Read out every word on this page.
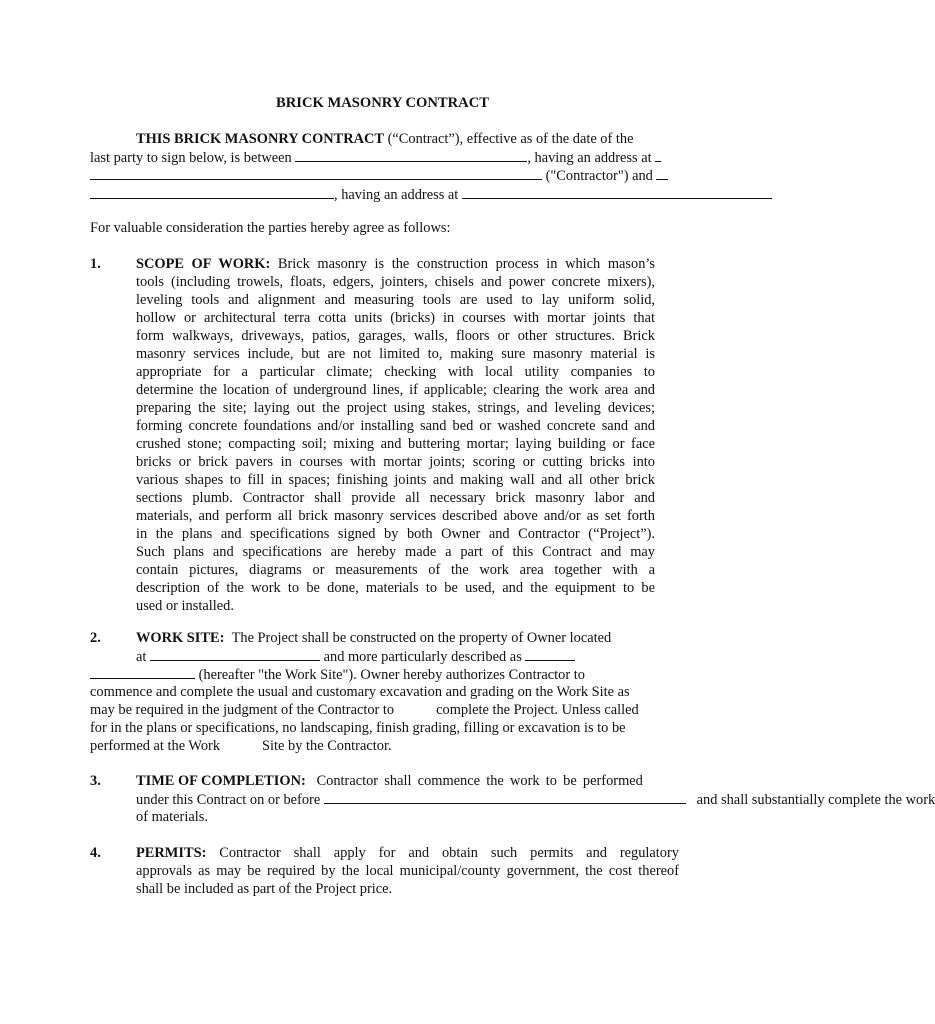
BRICK MASONRY CONTRACT
THIS BRICK MASONRY CONTRACT (“Contract”), effective as of the date of the
last party to sign below, is between	, having an address at
("Contractor") and
, having an address at
For valuable consideration the parties hereby agree as follows:
1. SCOPE OF WORK: Brick masonry is the construction process in which mason’s
tools (including trowels, floats, edgers, jointers, chisels and power concrete mixers),
leveling tools and alignment and measuring tools are used to lay uniform solid,
hollow or architectural terra cotta units (bricks) in courses with mortar joints that
form walkways, driveways, patios, garages, walls, floors or other structures. Brick
masonry services include, but are not limited to, making sure masonry material is
appropriate for a particular climate; checking with local utility companies to
determine the location of underground lines, if applicable; clearing the work area and
preparing the site; laying out the project using stakes, strings, and leveling devices;
forming concrete foundations and/or installing sand bed or washed concrete sand and
crushed stone; compacting soil; mixing and buttering mortar; laying building or face
bricks or brick pavers in courses with mortar joints; scoring or cutting bricks into
various shapes to fill in spaces; finishing joints and making wall and all other brick
sections plumb. Contractor shall provide all necessary brick masonry labor and
materials, and perform all brick masonry services described above and/or as set forth
in the plans and specifications signed by both Owner and Contractor (“Project”).
Such plans and specifications are hereby made a part of this Contract and may
contain pictures, diagrams or measurements of the work area together with a
description of the work to be done, materials to be used, and the equipment to be
used or installed.
2. WORK SITE: The Project shall be constructed on the property of Owner located
at	and more particularly described as
(hereafter "the Work Site"). Owner hereby authorizes Contractor to
commence and complete the usual and customary excavation and grading on the Work Site as
may be required in the judgment of the Contractor to	complete the Project. Unless called
for in the plans or specifications, no landscaping, finish grading, filling or excavation is to be
performed at the Work	Site by the Contractor.
3. TIME OF COMPLETION: Contractor shall commence the work to be performed
under this Contract on or before	and shall substantially complete the work
of materials.
4. PERMITS: Contractor shall apply for and obtain such permits and regulatory
approvals as may be required by the local municipal/county government, the cost thereof
shall be included as part of the Project price.
